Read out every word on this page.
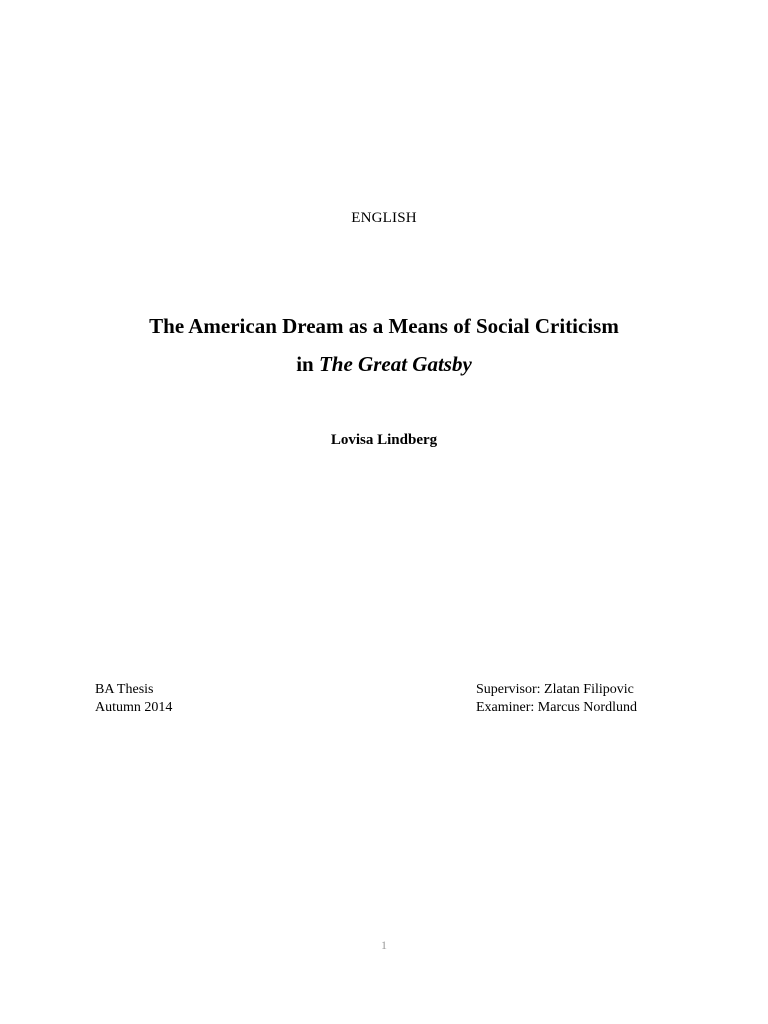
ENGLISH
The American Dream as a Means of Social Criticism
in The Great Gatsby
Lovisa Lindberg
BA Thesis
Autumn 2014
Supervisor: Zlatan Filipovic
Examiner: Marcus Nordlund
1
